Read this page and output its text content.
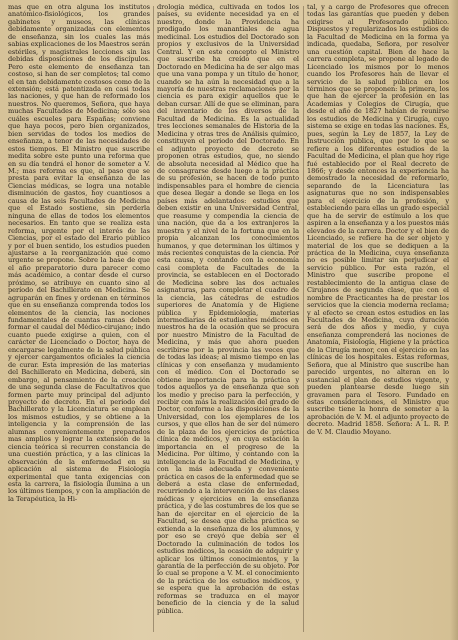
mas que en otra alguna los institutos anatómico-fisiológicos, los grandes gabinetes y museos, las clínicas debidamente organizadas con elementos de enseñanza, sin los cuales las más sabias explicaciones de los Maestros serán estériles, y magistrales lecciones sin las debidas disposiciones de los discípulos. Pero este elemento de enseñanza tan costoso, si han de ser completos; tal como el en tan debidamente costosos como de la extensión; está patentizada en casi todas las naciones, y que han de reformado los nuestros. No queremos, Señora, que haya muchas Facultades de Medicina; sólo sea cuáles escueles para Españas; conviene que haya pocos, pero bien organizados, bien servidas de todos los medios de enseñanza, a tenor de las necesidades de estos tiempos. El Ministro que suscribe medita sobre este punto una reforma que en su día tendrá el honor de someter a V. M.; mas reforma es que, al paso que se presta para evitar la enseñanza de las Ciencias médicas, se logra una notable disminución de gastos, hoy cuantiosos a causa de las seis Facultades de Medicina que el Estado sostiene, sin perderla ninguna de ellas de todos los elementos necesarios. En tanto que se realiza esta reforma, urgente por el interés de las Ciencias, por el estado del Erario público y por el buen sentido, los estudios pueden ajustarse a la reorganización que como urgente se propone. Sobre la base de que el año preparatorio dura parecer como más académico, a contar desde el curso próximo, se atribuye en cuanto sino al período del Bachillerato en Medicina. Se agruparán en fines y ordenan en términos que en su enseñanza comprenda todos los elementos de la ciencia, las nociones fundamentales de cuantas ramas deben formar el caudal del Médico-cirujano; indo cuanto puede exigirse a quien, con el carácter de Licenciado o Doctor, haya de encargarse legalmente de la salud pública y ejercer cargamentos oficiales la ciencia de curar. Esta impresión de las materias del Bachillerato en Medicina, deberá, sin embargo, al pensamiento de la creación de una segunda clase de Facultativos que formen parte muy principal del adjunto proyecto de decreto. En el periodo del Bachillerato y la Licenciatura se emplean los mismos estudios, y se obtiene a la inteligencia y la comprensión de las alumnas convenientemente preparados mas amplios y lograr la extensión de la ciencia teórica si recurren constancia de una cuestión práctica, y a las clínicas la observación de la enfermedad en su aplicación al sistema de Fisiología experimental que tanta exigencias con esta la carrera, la fisiología ilumina a un los últimos tiempos, y con la ampliación de la Terapéutica, la Hi-

drología médica, cultivada en todos los países, su evidente necesidad ya en el nuestro, donde la Providencia ha prodigado los manantiales de agua medicinal. Los estudios del Doctorado son propios y exclusivos de la Universidad Central. Y en este concepto el Ministro que suscribe ha creído que en el Doctorado en Medicina ha de ser algo mas que una vana pompa y un título de honor, cuando se ha aún la necesidad que a la mayoría de nuestras reclamaciones por la ciencia es para exigir aquellos que le deban cursar. Allí de que se eliminan, para del inventario de los diversos de la Facultad de Medicina. Es la actualidad tres lecciones semanales de Historia de la Medicina y otras tres de Análisis químico, constituyen el periodo del Doctorado. En el adjunto proyecto de decreto se proponen otras estudios, que, no siendo de absoluta necesidad al Médico que ha de consagrarse desde luego a la práctica de su profesión, se hacen de todo punto indispensables para el hombre de ciencia que desea llegar a donde se llega en los países más adelantados: estudios que deben existir en una Universidad Central, que reasume y compendia la ciencia de una nación, que da a los extranjeros la muestra y el nivel de la fortuna que en la propia alcanzan los conocimientos humanos, y que determinan los últimos y más recientes conquistas de la ciencia. Por esta causa, y contando con la economía casi completa de Facultades de la provincia, se establecen en el Doctorado de Medicina sobre las dos actuales asignaturas, para completar el cuadro de la ciencia, las cátedras de estudios superiores de Anatomía y de Higiene pública y Epidemiología, materias intermediarias de estudiantes médicos en nuestros ha de la ocasión que se procura por nuestro Ministro de la Facultad de Medicina, y más que ahora pueden escribirse por la provincia las veces que de todas las ideas; al mismo tiempo en las clínicas y con enseñanza y mudamiento con el médico. Con el Doctorado se obtiene importancia para la práctica y todos aquellos ya de enseñanza que son los medio y preciso para la perfección, y recibir con más la realización del grado de Doctor, conforme a las disposiciones de la Universidad, con los ejemplares de los cursos, y que ellos han de ser del número de la plaza de los ejercicios de práctica clínica de médicos, y en cuya estación la importancia en el progreso de la Medicina. Por último, y contando con la inteligencia de la Facultad de Medicina, y con la más adecuada y conveniente práctica en casos de la enfermedad que se deberá a esta clase de enfermedad, recurriendo a la intervención de las clases médicas y ejercicios en la enseñanza práctica, y de las costumbres de los que se han de ejercitar en el ejercicio de la Facultad, se desea que dicha práctica se extienda a la enseñanza de los alumnos, y por eso se creyó que debía ser el Doctorado la culminación de todos los estudios médicos, la ocasión de adquirir y aplicar los últimos conocimientos, y la garantía de la perfección de su objeto. Por lo cual se propone a V. M. el conocimiento de la práctica de los estudios médicos, y se espera que la aprobación de estas reformas se traduzca en el mayor beneficio de la ciencia y de la salud pública.

tal, y a cargo de Profesores que ofrecen todas las garantías que pueden y deben exigirse al Profesorado público. Dispuestos y regularizados los estudios de la Facultad de Medicina en la forma ya indicada, quedaba, Señora, por resolver una cuestión capital. Bien de hace la carrera completa, se propone al legado de Licenciado los mismos por lo menos cuando los Profesores han de llevar el servicio de la salud pública en los términos que se proponen: la primera, los que han de ejercer la profesión en las Academias y Colegios de Cirugía, que desde el año de 1827 habían de reunirse los estudios de Medicina y Cirugía, cuyo sistema se exige en todas las naciones. Es, pues, según la Ley de 1857, la Ley de Instrucción pública, que por lo que se refiere a los diferentes estudios de la Facultad de Medicina, el plan que hoy rige fué establecido por el Real decreto de 1866; y desde entonces la experiencia ha demostrado la necesidad de reformarlo, separando de la Licenciatura las asignaturas que no son indispensables para el ejercicio de la profesión, y estableciendo para ellas un grado especial que ha de servir de estímulo a los que aspiren a la enseñanza y a los puestos más elevados de la carrera. Doctor y el bien de Licenciado, se refiere ha de ser objeto y material de los que se dediquen a la práctica de la Medicina, cuya enseñanza no es posible limitar sin perjudicar el servicio público. Por esta razón, el Ministro que suscribe propone el restablecimiento de la antigua clase de Cirujanos de segunda clase, que con el nombre de Practicantes ha de prestar los servicios que la ciencia moderna reclama; y al efecto se crean estos estudios en las Facultades de Medicina, cuya duración será de dos años y medio, y cuya enseñanza comprenderá las nociones de Anatomía, Fisiología, Higiene y la práctica de la Cirugía menor, con el ejercicio en las clínicas de los hospitales. Estas reformas, Señora, que al Ministro que suscribe han parecido urgentes, no alteran en lo sustancial el plan de estudios vigente, y pueden plantearse desde luego sin gravamen para el Tesoro. Fundado en estas consideraciones, el Ministro que suscribe tiene la honra de someter a la aprobación de V. M. el adjunto proyecto de decreto. Madrid 1858. Señora: A L. R. P. de V. M. Claudio Moyano.
